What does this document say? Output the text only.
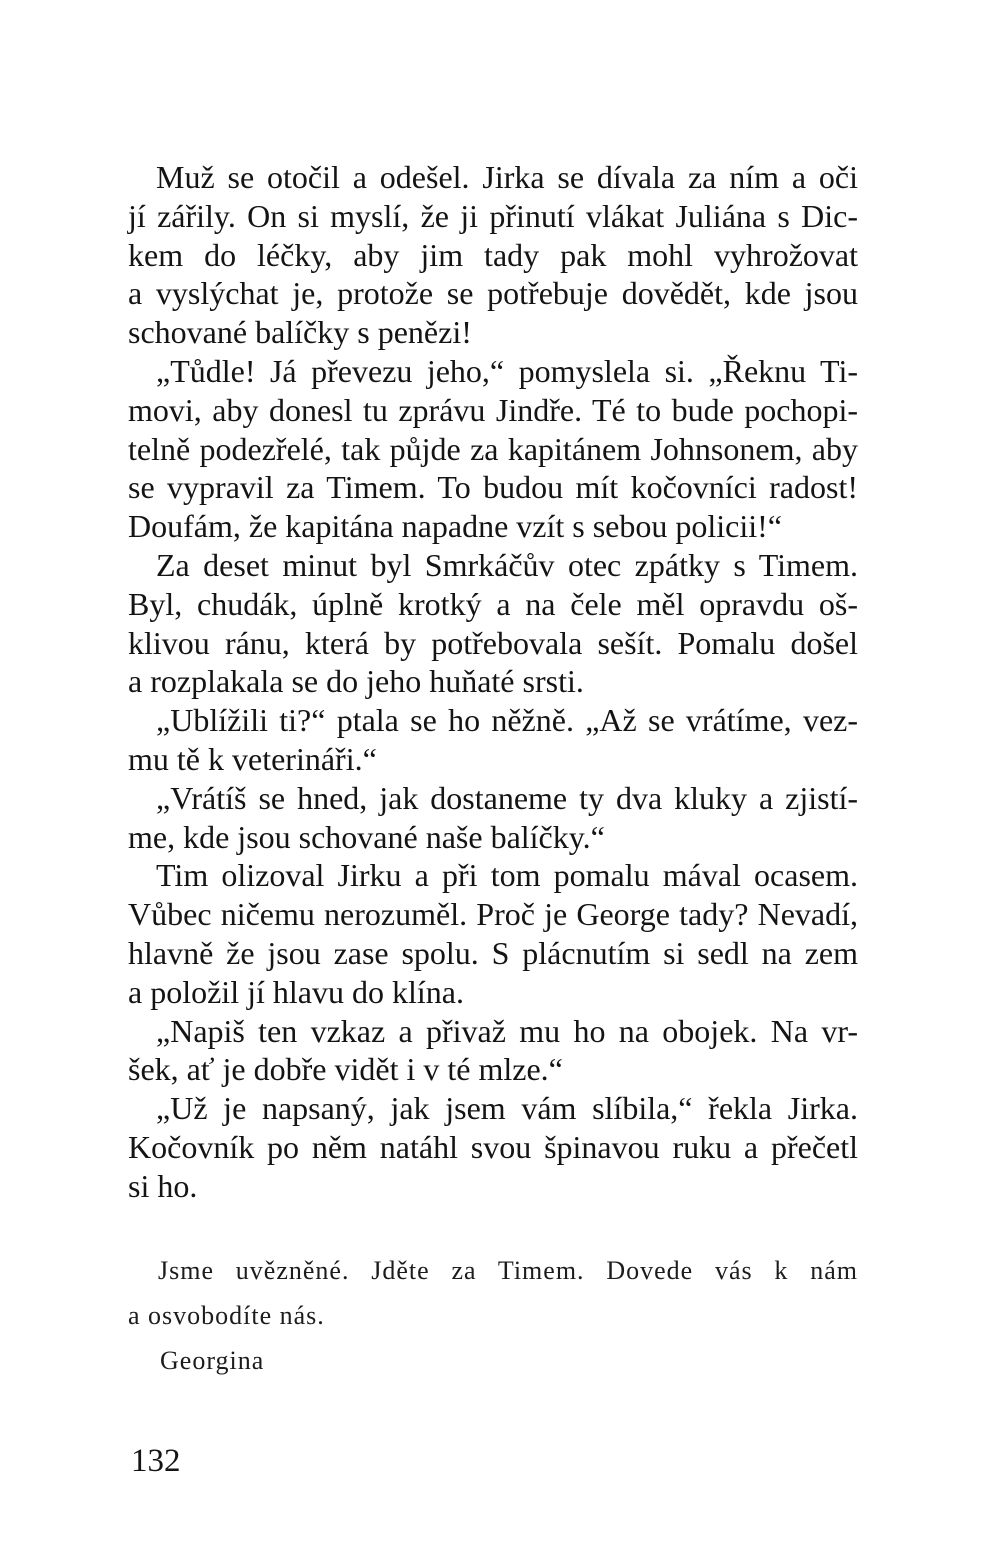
Muž se otočil a odešel. Jirka se dívala za ním a oči
jí zářily. On si myslí, že ji přinutí vlákat Juliána s Dic-
kem do léčky, aby jim tady pak mohl vyhrožovat
a vyslýchat je, protože se potřebuje dovědět, kde jsou
schované balíčky s penězi!
„Tůdle! Já převezu jeho,“ pomyslela si. „Řeknu Ti-
movi, aby donesl tu zprávu Jindře. Té to bude pochopi-
telně podezřelé, tak půjde za kapitánem Johnsonem, aby
se vypravil za Timem. To budou mít kočovníci radost!
Doufám, že kapitána napadne vzít s sebou policii!“
Za deset minut byl Smrkáčův otec zpátky s Timem.
Byl, chudák, úplně krotký a na čele měl opravdu oš-
klivou ránu, která by potřebovala sešít. Pomalu došel
a rozplakala se do jeho huňaté srsti.
„Ublížili ti?“ ptala se ho něžně. „Až se vrátíme, vez-
mu tě k veterináři.“
„Vrátíš se hned, jak dostaneme ty dva kluky a zjistí-
me, kde jsou schované naše balíčky.“
Tim olizoval Jirku a při tom pomalu mával ocasem.
Vůbec ničemu nerozuměl. Proč je George tady? Nevadí,
hlavně že jsou zase spolu. S plácnutím si sedl na zem
a položil jí hlavu do klína.
„Napiš ten vzkaz a přivaž mu ho na obojek. Na vr-
šek, ať je dobře vidět i v té mlze.“
„Už je napsaný, jak jsem vám slíbila,“ řekla Jirka.
Kočovník po něm natáhl svou špinavou ruku a přečetl
si ho.
Jsme uvězněné. Jděte za Timem. Dovede vás k nám
a osvobodíte nás.
Georgina
132
